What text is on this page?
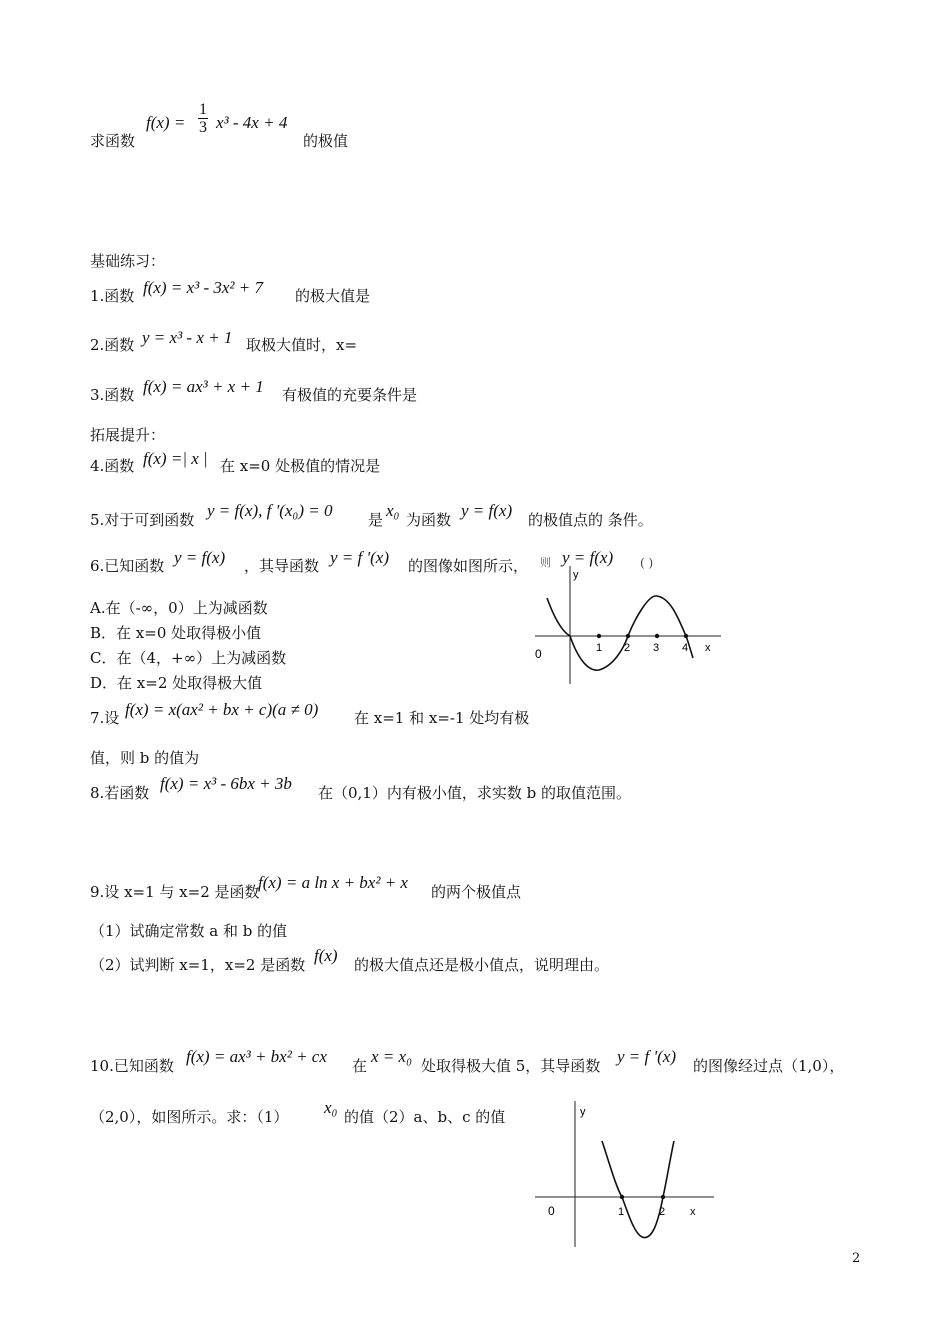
求函数
$f(x) = \frac{1}{3} x^3 - 4x + 4$
的极值
基础练习：
1.函数 f(x) = x³ - 3x² + 7 的极大值是
2.函数 y = x³ - x + 1 取极大值时，x=
3.函数 f(x) = ax³ + x + 1 有极值的充要条件是
拓展提升：
4.函数 f(x) =| x | 在 x=0 处极值的情况是
5.对于可到函数 y = f(x), f '(x₀) = 0 是 x₀ 为函数 y = f(x) 的极值点的 条件。
6.已知函数 y = f(x) ，其导函数 y = f '(x) 的图像如图所示， 则 y = f(x) ( )
A.在（-∞，0）上为减函数
B．在 x=0 处取得极小值
C．在（4，+∞）上为减函数
D．在 x=2 处取得极大值
0
y
x
1 2 3 4
7.设 f(x) = x(ax² + bx + c)(a ≠ 0) 在 x=1 和 x=-1 处均有极
值，则 b 的值为
8.若函数 f(x) = x³ - 6bx + 3b 在（0,1）内有极小值，求实数 b 的取值范围。
9.设 x=1 与 x=2 是函数
f(x) = a ln x + bx² + x 的两个极值点
（1）试确定常数 a 和 b 的值
（2）试判断 x=1，x=2 是函数 f(x) 的极大值点还是极小值点，说明理由。
10.已知函数 f(x) = ax³ + bx² + cx 在 x = x₀ 处取得极大值 5，其导函数 y = f '(x) 的图像经过点（1,0），
（2,0），如图所示。求：（1） x₀ 的值（2）a、b、c 的值
0
y
x
1	2
2
